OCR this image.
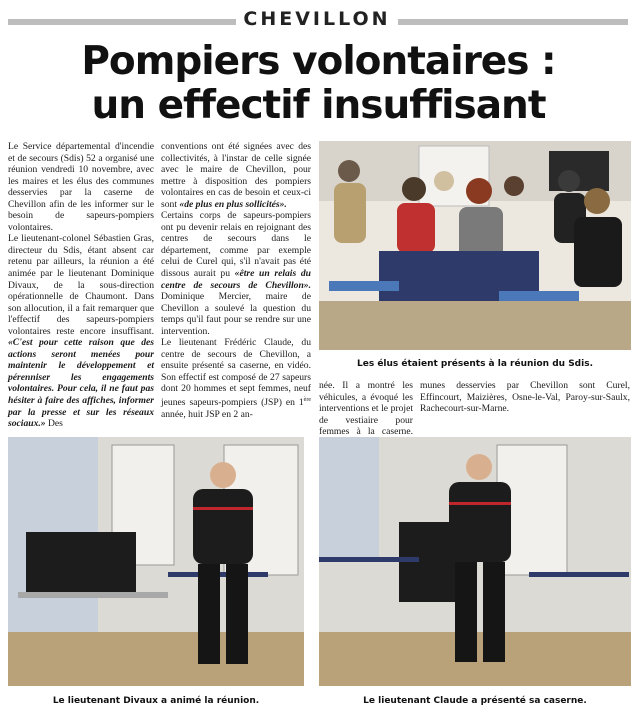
CHEVILLON
Pompiers volontaires :
un effectif insuffisant

Le Service départemental d'incendie et de secours (Sdis) 52 a organisé une réunion vendredi 10 novembre, avec les maires et les élus des communes desservies par la caserne de Chevillon afin de les informer sur le besoin de sapeurs-pompiers volontaires.

Le lieutenant-colonel Sébastien Gras, directeur du Sdis, étant absent car retenu par ailleurs, la réunion a été animée par le lieutenant Dominique Divaux, de la sous-direction opérationnelle de Chaumont. Dans son allocution, il a fait remarquer que l'effectif des sapeurs-pompiers volontaires reste encore insuffisant. «C'est pour cette raison que des actions seront menées pour maintenir le développement et pérenniser les engagements volontaires. Pour cela, il ne faut pas hésiter à faire des affiches, informer par la presse et sur les réseaux sociaux.» Des

conventions ont été signées avec des collectivités, à l'instar de celle signée avec le maire de Chevillon, pour mettre à disposition des pompiers volontaires en cas de besoin et ceux-ci sont «de plus en plus sollicités».

Certains corps de sapeurs-pompiers ont pu devenir relais en rejoignant des centres de secours dans le département, comme par exemple celui de Curel qui, s'il n'avait pas été dissous aurait pu «être un relais du centre de secours de Chevillon». Dominique Mercier, maire de Chevillon a soulevé la question du temps qu'il faut pour se rendre sur une intervention.

Le lieutenant Frédéric Claude, du centre de secours de Chevillon, a ensuite présenté sa caserne, en vidéo. Son effectif est composé de 27 sapeurs dont 20 hommes et sept femmes, neuf jeunes sapeurs-pompiers (JSP) en 1ère année, huit JSP en 2 an-

Les élus étaient présents à la réunion du Sdis.
née. Il a montré les véhicules, a évoqué les interventions et le projet de vestiaire pour femmes à la caserne.
munes desservies par Chevillon sont Curel, Effincourt, Maizières, Osne-le-Val, Paroy-sur-Saulx, Rachecourt-sur-Marne.
Le lieutenant Divaux a animé la réunion.	Le lieutenant Claude a présenté sa caserne.
